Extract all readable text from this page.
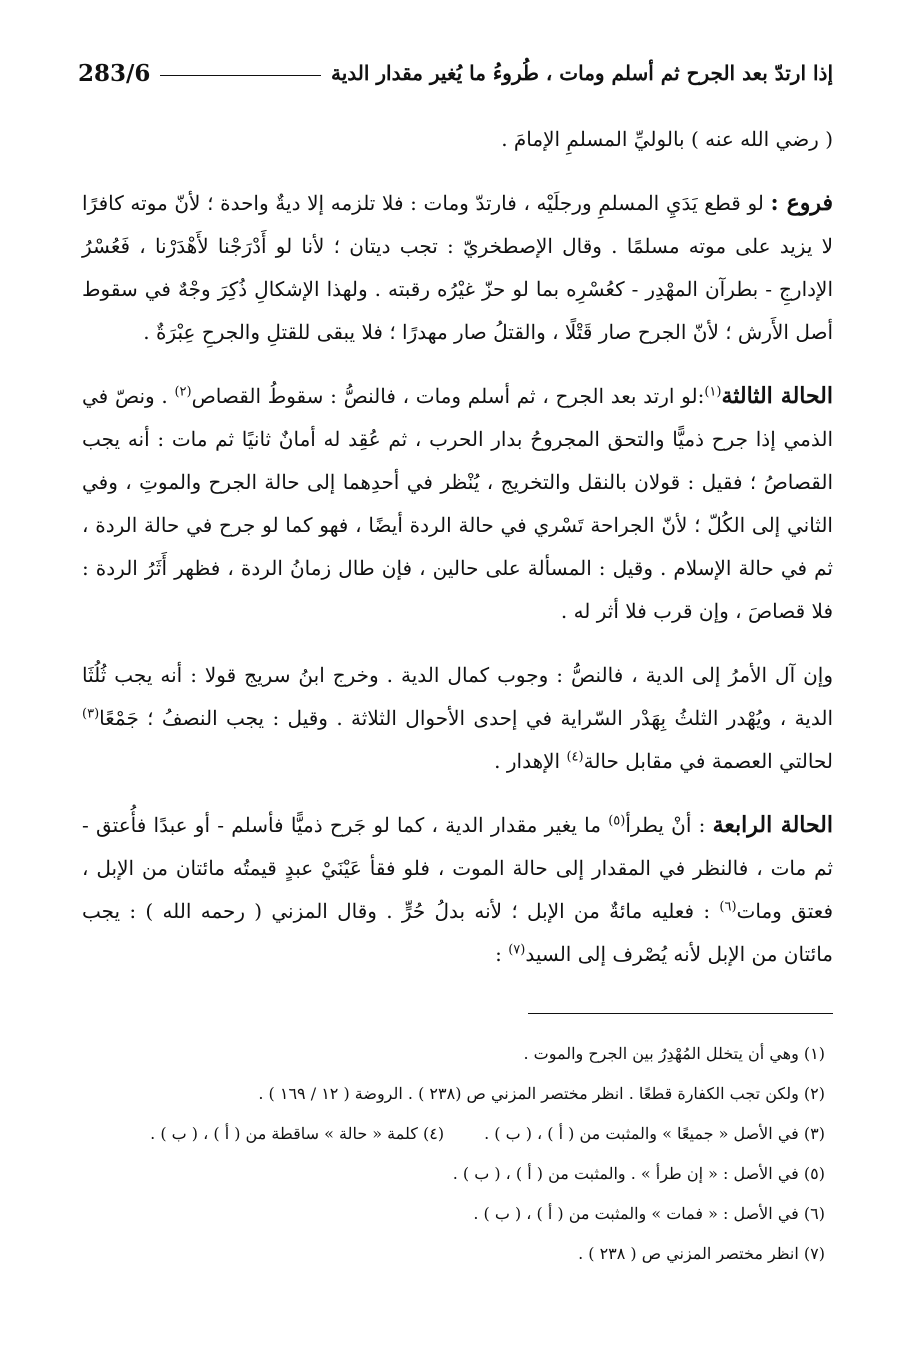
283/6	إذا ارتدّ بعد الجرح ثم أسلم ومات ، طُروءُ ما يُغير مقدار الدية

( رضي الله عنه ) بالوليِّ المسلمِ الإمامَ .

فروع : لو قطع يَدَيِ المسلمِ ورجلَيْه ، فارتدّ ومات : فلا تلزمه إلا ديةٌ واحدة ؛ لأنّ موته كافرًا لا يزيد على موته مسلمًا . وقال الإصطخريّ : تجب ديتان ؛ لأنا لو أَدْرَجْنا لأَهْدَرْنا ، فَعُسْرُ الإدارجِ - بطرآن المهْدِر - كعُسْرِه بما لو حزّ غيْرُه رقبته . ولهذا الإشكالِ ذُكِرَ وجْهٌ في سقوط أصل الأَرش ؛ لأنّ الجرح صار قَتْلًا ، والقتلُ صار مهدرًا ؛ فلا يبقى للقتلِ والجرحِ عِبْرَةٌ .

الحالة الثالثة$^{(١)}$:لو ارتد بعد الجرح ، ثم أسلم ومات ، فالنصُّ : سقوطُ القصاص$^{(٢)}$ . ونصّ في الذمي إذا جرح ذميًّا والتحق المجروحُ بدار الحرب ، ثم عُقِد له أمانٌ ثانيًا ثم مات : أنه يجب القصاصُ ؛ فقيل : قولان بالنقل والتخريج ، يُنْظر في أحدِهما إلى حالة الجرح والموتِ ، وفي الثاني إلى الكُلّ ؛ لأنّ الجراحة تَسْري في حالة الردة أيضًا ، فهو كما لو جرح في حالة الردة ، ثم في حالة الإسلام . وقيل : المسألة على حالين ، فإن طال زمانُ الردة ، فظهر أَثَرُ الردة : فلا قصاصَ ، وإن قرب فلا أثر له .

وإن آل الأمرُ إلى الدية ، فالنصُّ : وجوب كمال الدية . وخرج ابنُ سريج قولا : أنه يجب ثُلُثَا الدية ، ويُهْدر الثلثُ بِهَدْر السّراية في إحدى الأحوال الثلاثة . وقيل : يجب النصفُ ؛ جَمْعًا$^{(٣)}$ لحالتي العصمة في مقابل حالة$^{(٤)}$ الإهدار .

الحالة الرابعة : أنْ يطرأ$^{(٥)}$ ما يغير مقدار الدية ، كما لو جَرح ذميًّا فأسلم - أو عبدًا فأُعتق - ثم مات ، فالنظر في المقدار إلى حالة الموت ، فلو فقأ عَيْنَيْ عبدٍ قيمتُه مائتان من الإبل ، فعتق ومات$^{(٦)}$ : فعليه مائةٌ من الإبل ؛ لأنه بدلُ حُرٍّ . وقال المزني ( رحمه الله ) : يجب مائتان من الإبل لأنه يُصْرف إلى السيد$^{(٧)}$ :

(١) وهي أن يتخلل المُهْدِرُ بين الجرح والموت .

(٢) ولكن تجب الكفارة قطعًا . انظر مختصر المزني ص (٢٣٨ ) . الروضة ( ١٢ / ١٦٩ ) .

(٣) في الأصل « جميعًا » والمثبت من ( أ ) ، ( ب ) .(٤) كلمة « حالة » ساقطة من ( أ ) ، ( ب ) .

(٥) في الأصل : « إن طرأ » . والمثبت من ( أ ) ، ( ب ) .

(٦) في الأصل : « فمات » والمثبت من ( أ ) ، ( ب ) .

(٧) انظر مختصر المزني ص ( ٢٣٨ ) .
